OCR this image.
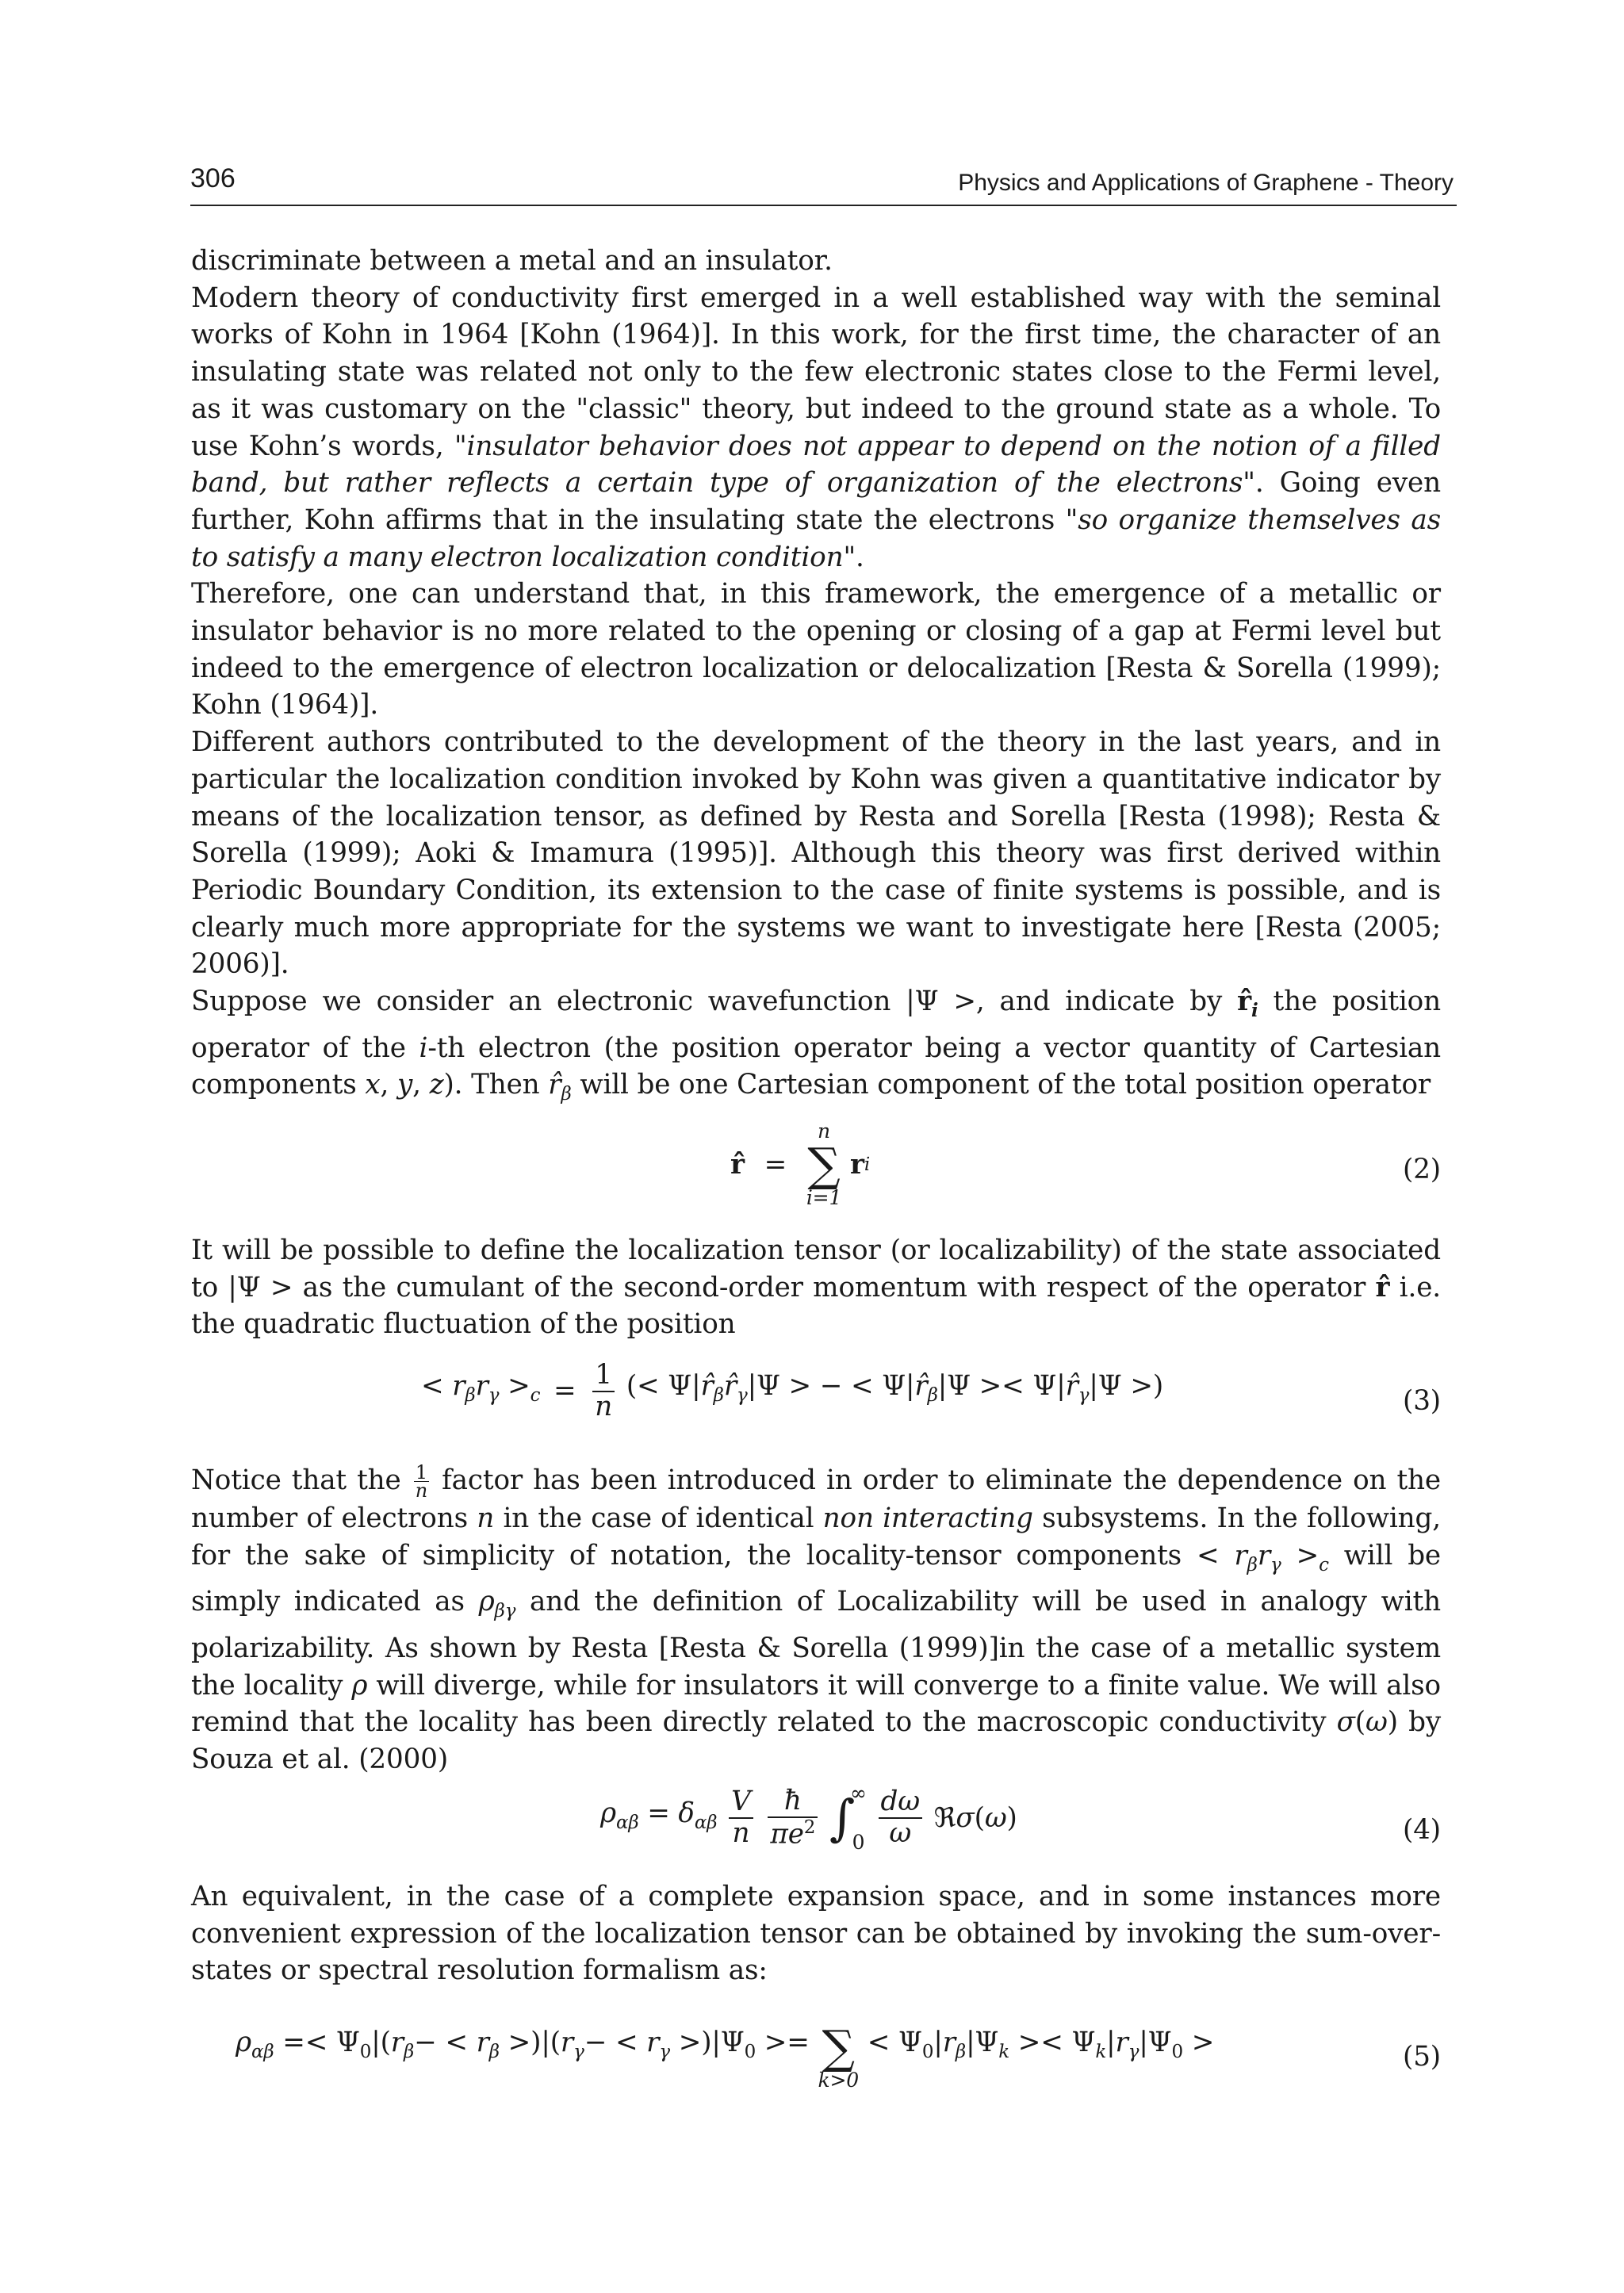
306	Physics and Applications of Graphene - Theory

discriminate between a metal and an insulator.

Modern theory of conductivity first emerged in a well established way with the seminal works of Kohn in 1964 [Kohn (1964)]. In this work, for the first time, the character of an insulating state was related not only to the few electronic states close to the Fermi level, as it was customary on the "classic" theory, but indeed to the ground state as a whole. To use Kohn’s words, "insulator behavior does not appear to depend on the notion of a filled band, but rather reflects a certain type of organization of the electrons". Going even further, Kohn affirms that in the insulating state the electrons "so organize themselves as to satisfy a many electron localization condition".

Therefore, one can understand that, in this framework, the emergence of a metallic or insulator behavior is no more related to the opening or closing of a gap at Fermi level but indeed to the emergence of electron localization or delocalization [Resta & Sorella (1999); Kohn (1964)].

Different authors contributed to the development of the theory in the last years, and in particular the localization condition invoked by Kohn was given a quantitative indicator by means of the localization tensor, as defined by Resta and Sorella [Resta (1998); Resta & Sorella (1999); Aoki & Imamura (1995)]. Although this theory was first derived within Periodic Boundary Condition, its extension to the case of finite systems is possible, and is clearly much more appropriate for the systems we want to investigate here [Resta (2005; 2006)].

Suppose we consider an electronic wavefunction |Ψ >, and indicate by $r̂_i$ the position operator of the i-th electron (the position operator being a vector quantity of Cartesian components x, y, z). Then $r̂_\beta$ will be one Cartesian component of the total position operator

r̂ =
n
∑
i=1
ri	(2)

It will be possible to define the localization tensor (or localizability) of the state associated to |Ψ > as the cumulant of the second-order momentum with respect of the operator r̂ i.e. the quadratic fluctuation of the position

< $r_\beta r_\gamma >_c = \frac{1}{n}$ (< $\Psi|r̂_\beta r̂_\gamma|\Psi$ > − < $\Psi|r̂_\beta|\Psi$ >< $\Psi|r̂_\gamma|\Psi$ >)	(3)

Notice that the $\frac{1}{n}$ factor has been introduced in order to eliminate the dependence on the number of electrons n in the case of identical non interacting subsystems. In the following, for the sake of simplicity of notation, the locality-tensor components < $r_\beta r_\gamma >_c$ will be simply indicated as $\rho_{\beta\gamma}$ and the definition of Localizability will be used in analogy with polarizability. As shown by Resta [Resta & Sorella (1999)]in the case of a metallic system the locality ρ will diverge, while for insulators it will converge to a finite value. We will also remind that the locality has been directly related to the macroscopic conductivity σ(ω) by Souza et al. (2000)

$\rho_{\alpha\beta} = \delta_{\alpha\beta} \frac{V}{n}$
$\frac{ħ}{\pi e^2}$ ∫
∞
0
$\frac{d\omega}{\omega}$ ℜσ(ω)	(4)

An equivalent, in the case of a complete expansion space, and in some instances more convenient expression of the localization tensor can be obtained by invoking the sum-over-states or spectral resolution formalism as:

$\rho_{\alpha\beta} =< \Psi_0|(r_\beta- < r_\beta >)|(r_\gamma- < r_\gamma >)|\Psi_0$ >=
∑
k>0
< $\Psi_0|r_\beta|\Psi_k >< \Psi_k|r_\gamma|\Psi_0$ >	(5)
